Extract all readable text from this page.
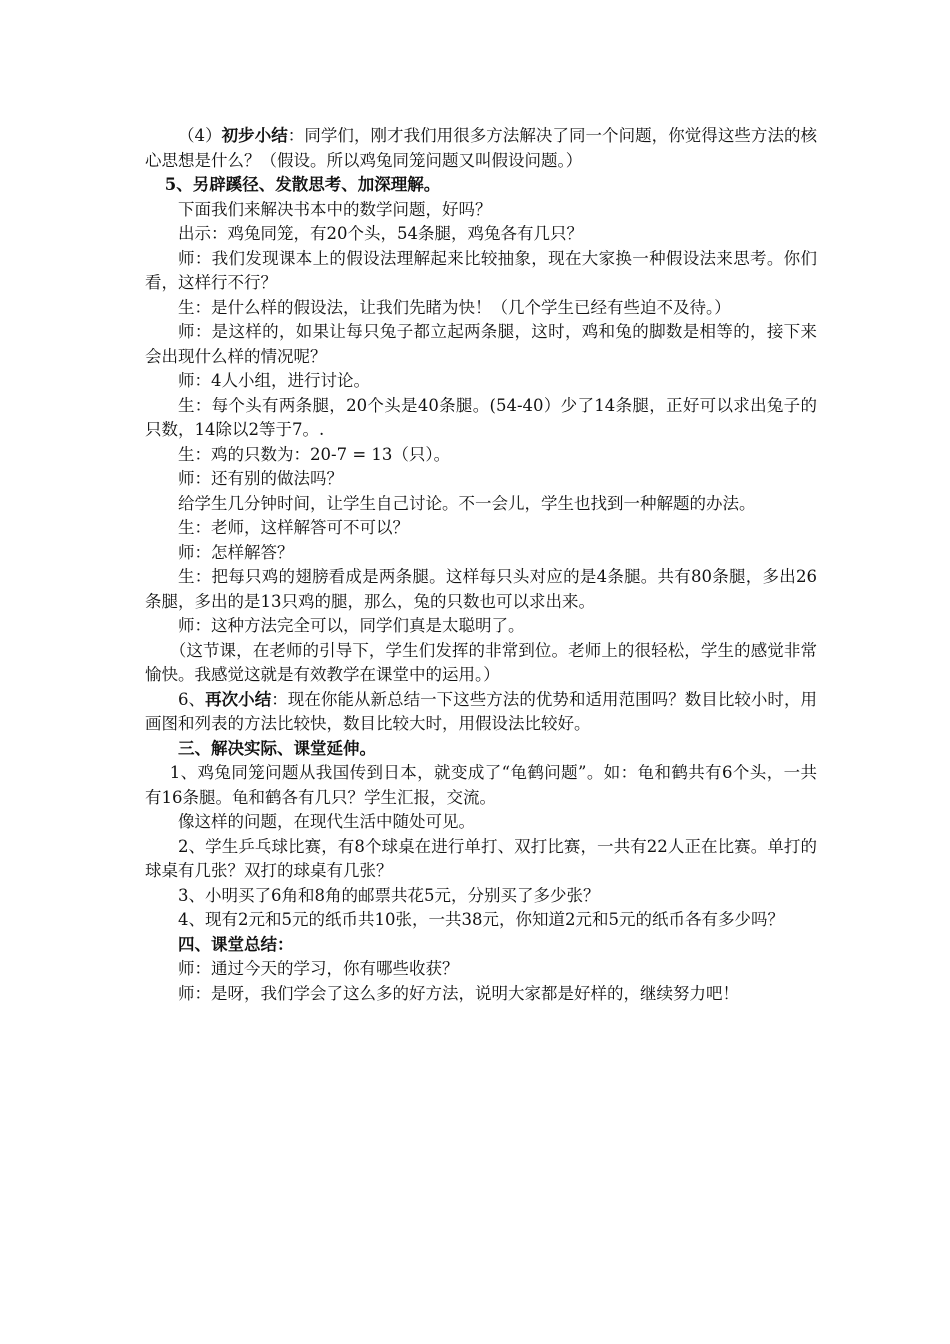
（4）初步小结：同学们，刚才我们用很多方法解决了同一个问题，你觉得这些方法的核心思想是什么？（假设。所以鸡兔同笼问题又叫假设问题。）

5、另辟蹊径、发散思考、加深理解。

下面我们来解决书本中的数学问题，好吗？

出示：鸡兔同笼，有20个头，54条腿，鸡兔各有几只？

师：我们发现课本上的假设法理解起来比较抽象，现在大家换一种假设法来思考。你们看，这样行不行？

生：是什么样的假设法，让我们先睹为快！（几个学生已经有些迫不及待。）

师：是这样的，如果让每只兔子都立起两条腿，这时，鸡和兔的脚数是相等的，接下来会出现什么样的情况呢？

师：4人小组，进行讨论。

生：每个头有两条腿，20个头是40条腿。(54-40）少了14条腿，正好可以求出兔子的只数，14除以2等于7。.

生：鸡的只数为：20-7 = 13（只）。

师：还有别的做法吗？

给学生几分钟时间，让学生自己讨论。不一会儿，学生也找到一种解题的办法。

生：老师，这样解答可不可以？

师：怎样解答？

生：把每只鸡的翅膀看成是两条腿。这样每只头对应的是4条腿。共有80条腿，多出26条腿，多出的是13只鸡的腿，那么，兔的只数也可以求出来。

师：这种方法完全可以，同学们真是太聪明了。

（这节课，在老师的引导下，学生们发挥的非常到位。老师上的很轻松，学生的感觉非常愉快。我感觉这就是有效教学在课堂中的运用。）

6、再次小结：现在你能从新总结一下这些方法的优势和适用范围吗？数目比较小时，用画图和列表的方法比较快，数目比较大时，用假设法比较好。

三、解决实际、课堂延伸。

1、鸡兔同笼问题从我国传到日本，就变成了“龟鹤问题”。如：龟和鹤共有6个头，一共有16条腿。龟和鹤各有几只？学生汇报，交流。

像这样的问题，在现代生活中随处可见。

2、学生乒乓球比赛，有8个球桌在进行单打、双打比赛，一共有22人正在比赛。单打的球桌有几张？双打的球桌有几张？

3、小明买了6角和8角的邮票共花5元，分别买了多少张？

4、现有2元和5元的纸币共10张，一共38元，你知道2元和5元的纸币各有多少吗？

四、课堂总结：

师：通过今天的学习，你有哪些收获？

师：是呀，我们学会了这么多的好方法，说明大家都是好样的，继续努力吧！
